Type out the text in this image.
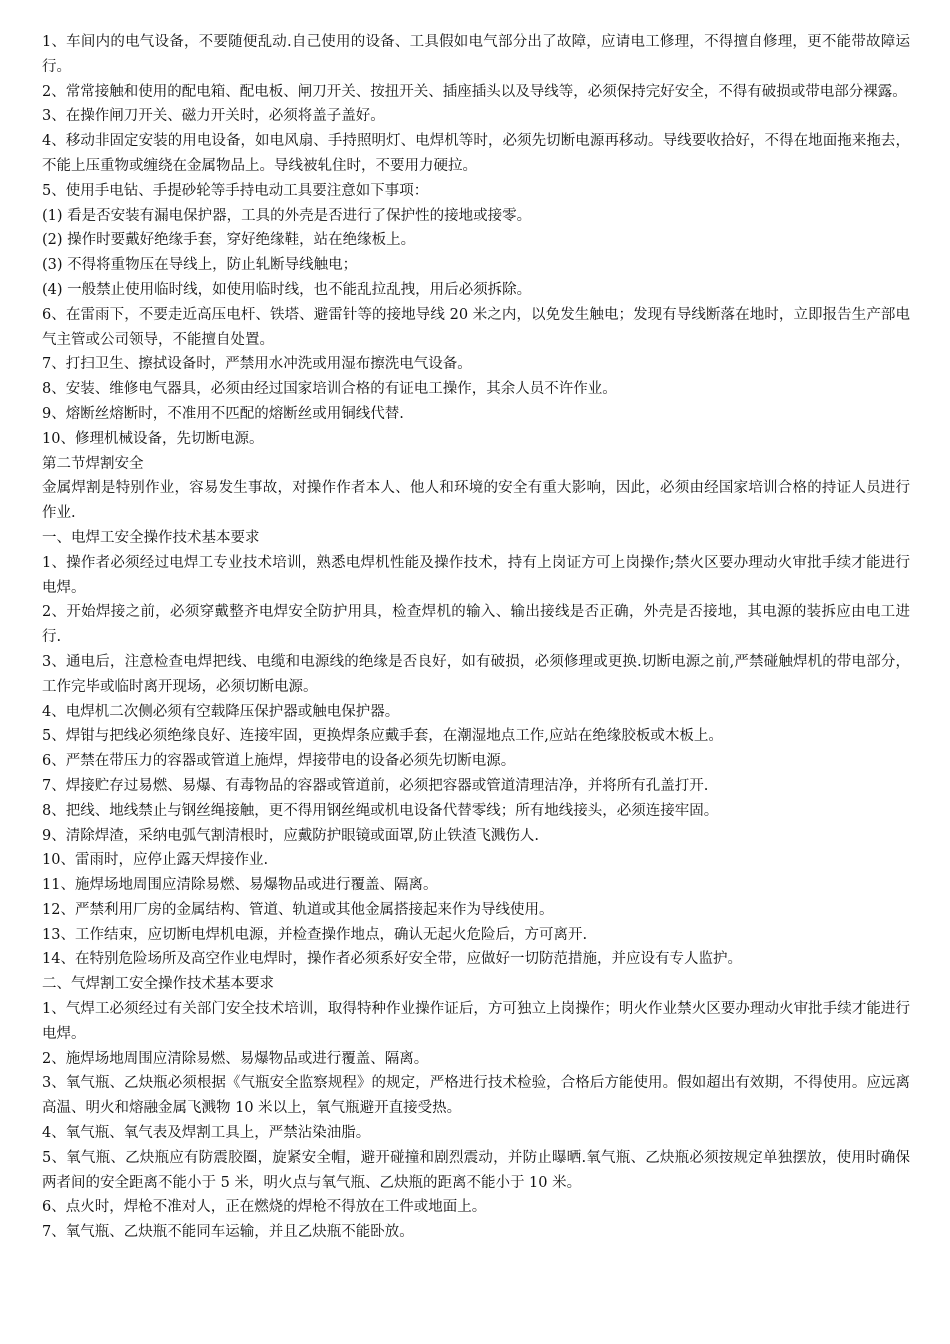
1、车间内的电气设备，不要随便乱动.自己使用的设备、工具假如电气部分出了故障，应请电工修理，不得擅自修理，更不能带故障运行。

2、常常接触和使用的配电箱、配电板、闸刀开关、按扭开关、插座插头以及导线等，必须保持完好安全，不得有破损或带电部分裸露。

3、在操作闸刀开关、磁力开关时，必须将盖子盖好。

4、移动非固定安装的用电设备，如电风扇、手持照明灯、电焊机等时，必须先切断电源再移动。导线要收拾好，不得在地面拖来拖去，不能上压重物或缠绕在金属物品上。导线被轧住时，不要用力硬拉。

5、使用手电钻、手提砂轮等手持电动工具要注意如下事项：

(1) 看是否安装有漏电保护器，工具的外壳是否进行了保护性的接地或接零。

(2) 操作时要戴好绝缘手套，穿好绝缘鞋，站在绝缘板上。

(3) 不得将重物压在导线上，防止轧断导线触电；

(4) 一般禁止使用临时线，如使用临时线，也不能乱拉乱拽，用后必须拆除。

6、在雷雨下，不要走近高压电杆、铁塔、避雷针等的接地导线 20 米之内，以免发生触电；发现有导线断落在地时，立即报告生产部电气主管或公司领导，不能擅自处置。

7、打扫卫生、擦拭设备时，严禁用水冲洗或用湿布擦洗电气设备。

8、安装、维修电气器具，必须由经过国家培训合格的有证电工操作，其余人员不许作业。

9、熔断丝熔断时，不准用不匹配的熔断丝或用铜线代替.

10、修理机械设备，先切断电源。

第二节焊割安全

金属焊割是特别作业，容易发生事故，对操作作者本人、他人和环境的安全有重大影响，因此，必须由经国家培训合格的持证人员进行作业.

一、电焊工安全操作技术基本要求

1、操作者必须经过电焊工专业技术培训，熟悉电焊机性能及操作技术，持有上岗证方可上岗操作;禁火区要办理动火审批手续才能进行电焊。

2、开始焊接之前，必须穿戴整齐电焊安全防护用具，检查焊机的输入、输出接线是否正确，外壳是否接地，其电源的装拆应由电工进行.

3、通电后，注意检查电焊把线、电缆和电源线的绝缘是否良好，如有破损，必须修理或更换.切断电源之前,严禁碰触焊机的带电部分，工作完毕或临时离开现场，必须切断电源。

4、电焊机二次侧必须有空载降压保护器或触电保护器。

5、焊钳与把线必须绝缘良好、连接牢固，更换焊条应戴手套，在潮湿地点工作,应站在绝缘胶板或木板上。

6、严禁在带压力的容器或管道上施焊，焊接带电的设备必须先切断电源。

7、焊接贮存过易燃、易爆、有毒物品的容器或管道前，必须把容器或管道清理洁净，并将所有孔盖打开.

8、把线、地线禁止与钢丝绳接触，更不得用钢丝绳或机电设备代替零线；所有地线接头，必须连接牢固。

9、清除焊渣，采纳电弧气割清根时，应戴防护眼镜或面罩,防止铁渣飞溅伤人.

10、雷雨时，应停止露天焊接作业.

11、施焊场地周围应清除易燃、易爆物品或进行覆盖、隔离。

12、严禁利用厂房的金属结构、管道、轨道或其他金属搭接起来作为导线使用。

13、工作结束，应切断电焊机电源，并检查操作地点，确认无起火危险后，方可离开.

14、在特别危险场所及高空作业电焊时，操作者必须系好安全带，应做好一切防范措施，并应设有专人监护。

二、气焊割工安全操作技术基本要求

1、气焊工必须经过有关部门安全技术培训，取得特种作业操作证后，方可独立上岗操作；明火作业禁火区要办理动火审批手续才能进行电焊。

2、施焊场地周围应清除易燃、易爆物品或进行覆盖、隔离。

3、氧气瓶、乙炔瓶必须根据《气瓶安全监察规程》的规定，严格进行技术检验，合格后方能使用。假如超出有效期，不得使用。应远离高温、明火和熔融金属飞溅物 10 米以上，氧气瓶避开直接受热。

4、氧气瓶、氧气表及焊割工具上，严禁沾染油脂。

5、氧气瓶、乙炔瓶应有防震胶圈，旋紧安全帽，避开碰撞和剧烈震动，并防止曝晒.氧气瓶、乙炔瓶必须按规定单独摆放，使用时确保两者间的安全距离不能小于 5 米，明火点与氧气瓶、乙炔瓶的距离不能小于 10 米。

6、点火时，焊枪不准对人，正在燃烧的焊枪不得放在工件或地面上。

7、氧气瓶、乙炔瓶不能同车运输，并且乙炔瓶不能卧放。
